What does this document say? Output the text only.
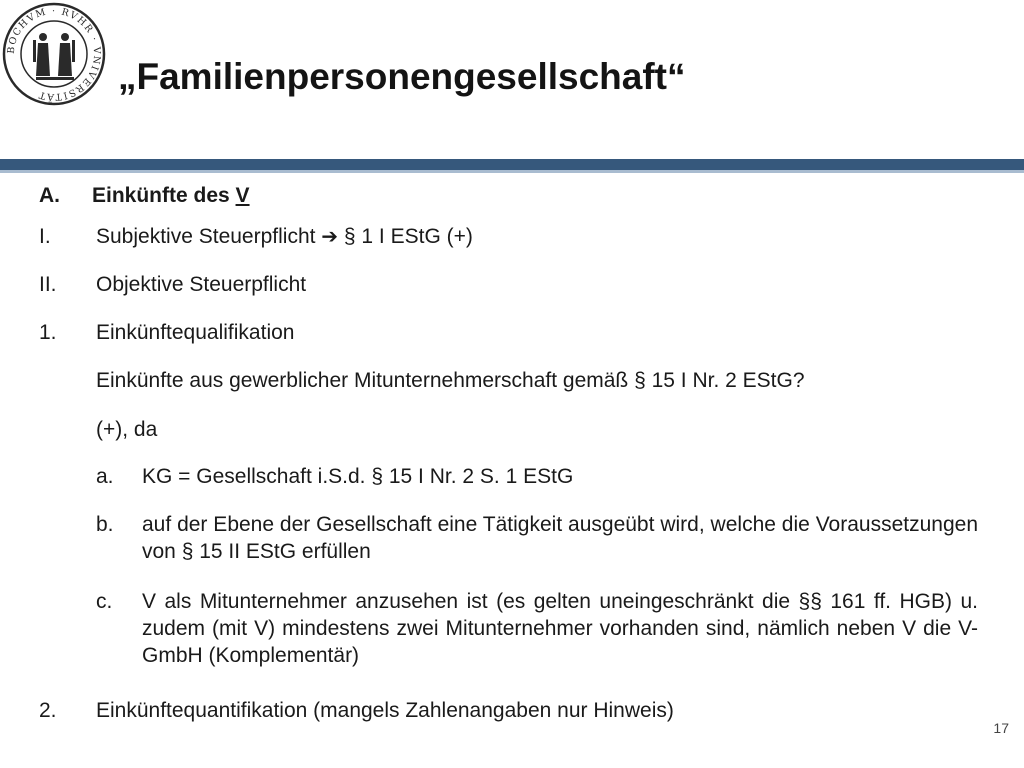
BOCHVM · RVHR · VNIVERSITÄT	„Familienpersonengesellschaft“
A. Einkünfte des V
I. Subjektive Steuerpflicht ➔ § 1 I EStG (+)
II. Objektive Steuerpflicht
1. Einkünftequalifikation
Einkünfte aus gewerblicher Mitunternehmerschaft gemäß § 15 I Nr. 2 EStG?
(+), da
a. KG = Gesellschaft i.S.d. § 15 I Nr. 2 S. 1 EStG
b. auf der Ebene der Gesellschaft eine Tätigkeit ausgeübt wird, welche die Voraussetzungen von § 15 II EStG erfüllen
c. V als Mitunternehmer anzusehen ist (es gelten uneingeschränkt die §§ 161 ff. HGB) u. zudem (mit V) mindestens zwei Mitunternehmer vorhanden sind, nämlich neben V die V-GmbH (Komplementär)
2. Einkünftequantifikation (mangels Zahlenangaben nur Hinweis)
17
